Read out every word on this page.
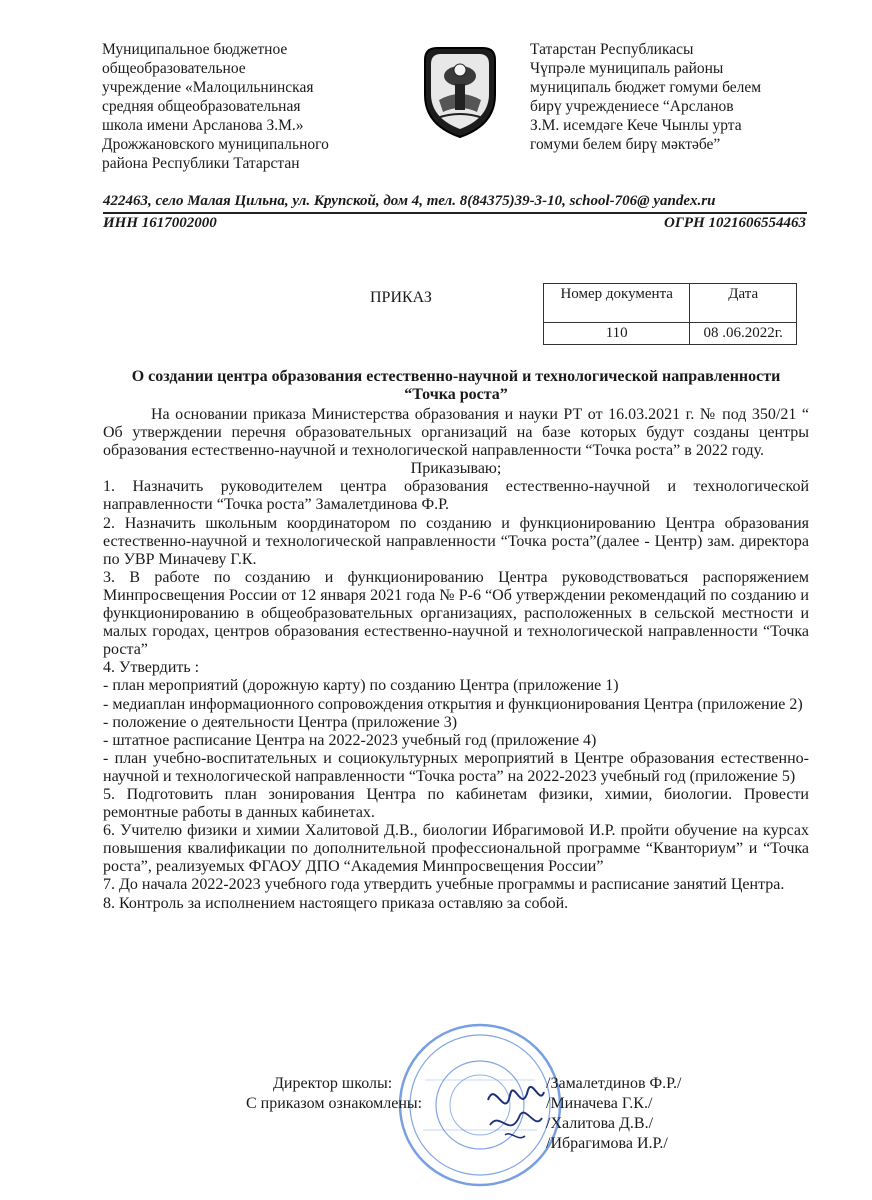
Муниципальное бюджетное
общеобразовательное
учреждение «Малоцильнинская
средняя общеобразовательная
школа имени Арсланова З.М.»
Дрожжановского муниципального
района Республики Татарстан
Татарстан Республикасы
Чүпрәле муниципаль районы
муниципаль бюджет гомуми белем
бирү учреждениесе “Арсланов
З.М. исемдәге Кече Чынлы урта
гомуми белем бирү мәктәбе”
422463, село Малая Цильна, ул. Крупской, дом 4, тел. 8(84375)39-3-10, school-706@ yandex.ru
ИНН 1617002000	ОГРН 1021606554463
ПРИКАЗ	Номер документа	Дата
110	08 .06.2022г.
О создании центра образования естественно-научной и технологической направленности
“Точка роста”

На основании приказа Министерства образования и науки РТ от 16.03.2021 г. № под 350/21 “ Об утверждении перечня образовательных организаций на базе которых будут созданы центры образования естественно-научной и технологической направленности “Точка роста” в 2022 году.

Приказываю;

1. Назначить руководителем центра образования естественно-научной и технологической направленности “Точка роста” Замалетдинова Ф.Р.

2. Назначить школьным координатором по созданию и функционированию Центра образования естественно-научной и технологической направленности “Точка роста”(далее - Центр) зам. директора по УВР Миначеву Г.К.

3. В работе по созданию и функционированию Центра руководствоваться распоряжением Минпросвещения России от 12 января 2021 года № Р-6 “Об утверждении рекомендаций по созданию и функционированию в общеобразовательных организациях, расположенных в сельской местности и малых городах, центров образования естественно-научной и технологической направленности “Точка роста”

4. Утвердить :

- план мероприятий (дорожную карту) по созданию Центра (приложение 1)

- медиаплан информационного сопровождения открытия и функционирования Центра (приложение 2)

- положение о деятельности Центра (приложение 3)

- штатное расписание Центра на 2022-2023 учебный год (приложение 4)

- план учебно-воспитательных и социокультурных мероприятий в Центре образования естественно-научной и технологической направленности “Точка роста” на 2022-2023 учебный год (приложение 5)

5. Подготовить план зонирования Центра по кабинетам физики, химии, биологии. Провести ремонтные работы в данных кабинетах.

6. Учителю физики и химии Халитовой Д.В., биологии Ибрагимовой И.Р. пройти обучение на курсах повышения квалификации по дополнительной профессиональной программе “Кванториум” и “Точка роста”, реализуемых ФГАОУ ДПО “Академия Минпросвещения России”

7. До начала 2022-2023 учебного года утвердить учебные программы и расписание занятий Центра.

8. Контроль за исполнением настоящего приказа оставляю за собой.

Директор школы:
С приказом ознакомлены:
/Замалетдинов Ф.Р./
/Миначева Г.К./
/Халитова Д.В./
/Ибрагимова И.Р./
